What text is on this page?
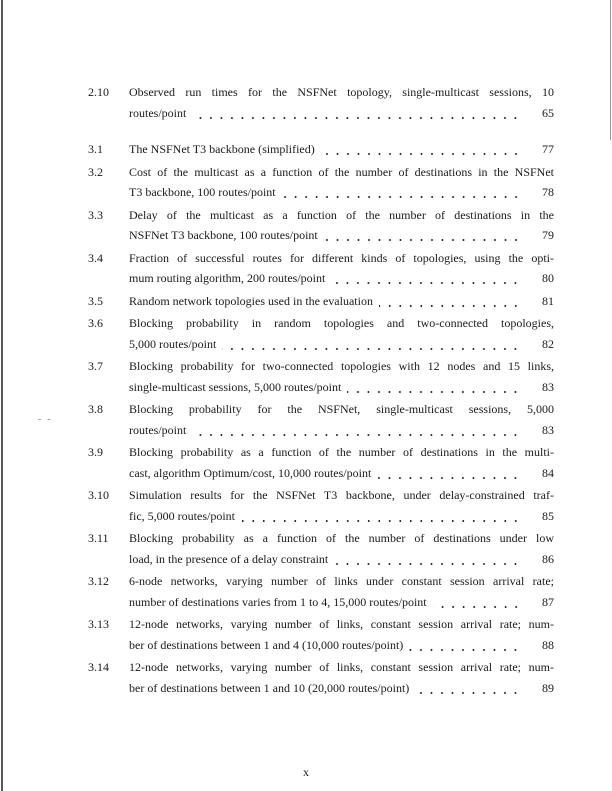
--
2.10 Observed run times for the NSFNet topology, single-multicast sessions, 10
65
routes/point
3.1	77
The NSFNet T3 backbone (simplified)
3.2 Cost of the multicast as a function of the number of destinations in the NSFNet
78
T3 backbone, 100 routes/point
3.3 Delay of the multicast as a function of the number of destinations in the
79
NSFNet T3 backbone, 100 routes/point
3.4 Fraction of successful routes for different kinds of topologies, using the opti-
80
mum routing algorithm, 200 routes/point
3.5	81
Random network topologies used in the evaluation
3.6 Blocking probability in random topologies and two-connected topologies,
82
5,000 routes/point
3.7 Blocking probability for two-connected topologies with 12 nodes and 15 links,
83
single-multicast sessions, 5,000 routes/point
3.8 Blocking probability for the NSFNet, single-multicast sessions, 5,000
83
routes/point
3.9 Blocking probability as a function of the number of destinations in the multi-
84
cast, algorithm Optimum/cost, 10,000 routes/point
3.10 Simulation results for the NSFNet T3 backbone, under delay-constrained traf-
85
fic, 5,000 routes/point
3.11 Blocking probability as a function of the number of destinations under low
86
load, in the presence of a delay constraint
3.12 6-node networks, varying number of links under constant session arrival rate;
87
number of destinations varies from 1 to 4, 15,000 routes/point
3.13 12-node networks, varying number of links, constant session arrival rate; num-
88
ber of destinations between 1 and 4 (10,000 routes/point)
3.14 12-node networks, varying number of links, constant session arrival rate; num-
89
ber of destinations between 1 and 10 (20,000 routes/point)
x
